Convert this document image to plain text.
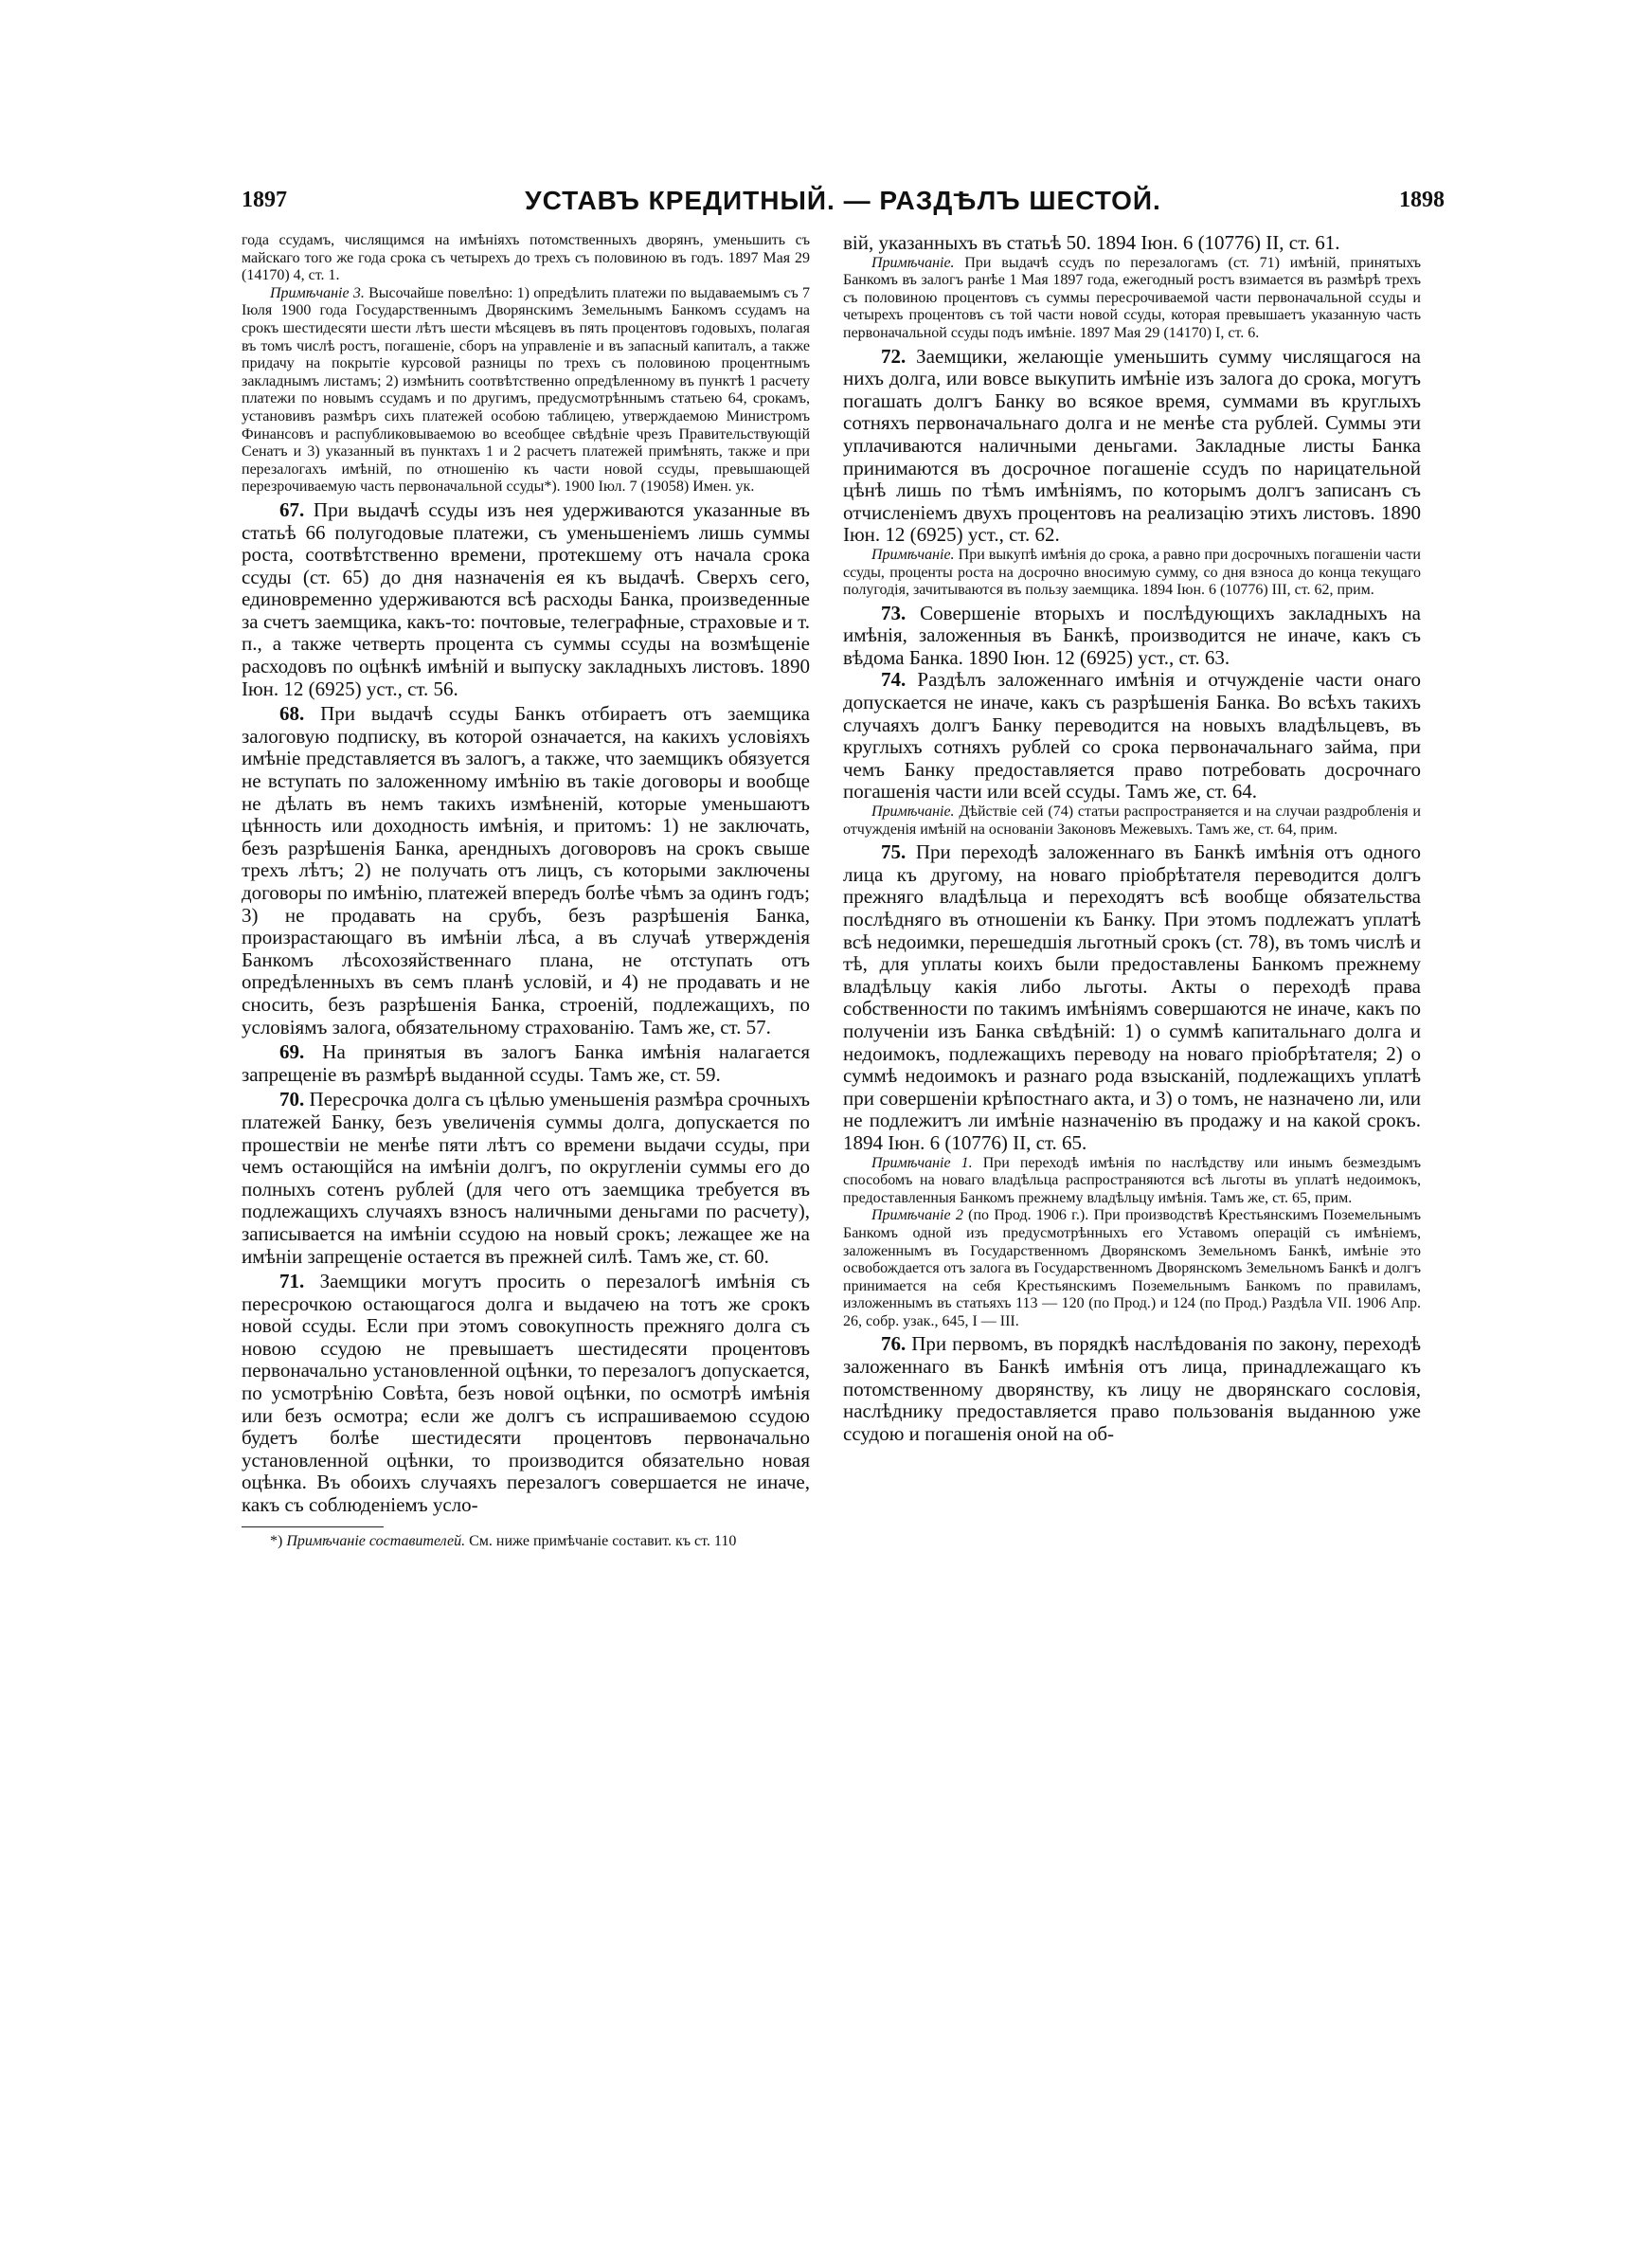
1897	УСТАВЪ КРЕДИТНЫЙ. — РАЗДѢЛЪ ШЕСТОЙ.	1898

года ссудамъ, числящимся на имѣніяхъ потомственныхъ дворянъ, уменьшить съ майскаго того же года срока съ четырехъ до трехъ съ половиною въ годъ. 1897 Мая 29 (14170) 4, ст. 1.

Примѣчаніе 3. Высочайше повелѣно: 1) опредѣлить платежи по выдаваемымъ съ 7 Іюля 1900 года Государственнымъ Дворянскимъ Земельнымъ Банкомъ ссудамъ на срокъ шестидесяти шести лѣтъ шести мѣсяцевъ въ пять процентовъ годовыхъ, полагая въ томъ числѣ ростъ, погашеніе, сборъ на управленіе и въ запасный капиталъ, а также придачу на покрытіе курсовой разницы по трехъ съ половиною процентнымъ закладнымъ листамъ; 2) измѣнить соотвѣтственно опредѣленному въ пунктѣ 1 расчету платежи по новымъ ссудамъ и по другимъ, предусмотрѣннымъ статьею 64, срокамъ, установивъ размѣръ сихъ платежей особою таблицею, утверждаемою Министромъ Финансовъ и распубликовываемою во всеобщее свѣдѣніе чрезъ Правительствующій Сенатъ и 3) указанный въ пунктахъ 1 и 2 расчетъ платежей примѣнять, также и при перезалогахъ имѣній, по отношенію къ части новой ссуды, превышающей перезрочиваемую часть первоначальной ссуды*). 1900 Іюл. 7 (19058) Имен. ук.

67. При выдачѣ ссуды изъ нея удерживаются указанные въ статьѣ 66 полугодовые платежи, съ уменьшеніемъ лишь суммы роста, соотвѣтственно времени, протекшему отъ начала срока ссуды (ст. 65) до дня назначенія ея къ выдачѣ. Сверхъ сего, единовременно удерживаются всѣ расходы Банка, произведенные за счетъ заемщика, какъ-то: почтовые, телеграфные, страховые и т. п., а также четверть процента съ суммы ссуды на возмѣщеніе расходовъ по оцѣнкѣ имѣній и выпуску закладныхъ листовъ. 1890 Іюн. 12 (6925) уст., ст. 56.

68. При выдачѣ ссуды Банкъ отбираетъ отъ заемщика залоговую подписку, въ которой означается, на какихъ условіяхъ имѣніе представляется въ залогъ, а также, что заемщикъ обязуется не вступать по заложенному имѣнію въ такіе договоры и вообще не дѣлать въ немъ такихъ измѣненій, которые уменьшаютъ цѣнность или доходность имѣнія, и притомъ: 1) не заключать, безъ разрѣшенія Банка, арендныхъ договоровъ на срокъ свыше трехъ лѣтъ; 2) не получать отъ лицъ, съ которыми заключены договоры по имѣнію, платежей впередъ болѣе чѣмъ за одинъ годъ; 3) не продавать на срубъ, безъ разрѣшенія Банка, произрастающаго въ имѣніи лѣса, а въ случаѣ утвержденія Банкомъ лѣсохозяйственнаго плана, не отступать отъ опредѣленныхъ въ семъ планѣ условій, и 4) не продавать и не сносить, безъ разрѣшенія Банка, строеній, подлежащихъ, по условіямъ залога, обязательному страхованію. Тамъ же, ст. 57.

69. На принятыя въ залогъ Банка имѣнія налагается запрещеніе въ размѣрѣ выданной ссуды. Тамъ же, ст. 59.

70. Пересрочка долга съ цѣлью уменьшенія размѣра срочныхъ платежей Банку, безъ увеличенія суммы долга, допускается по прошествіи не менѣе пяти лѣтъ со времени выдачи ссуды, при чемъ остающійся на имѣніи долгъ, по округленіи суммы его до полныхъ сотенъ рублей (для чего отъ заемщика требуется въ подлежащихъ случаяхъ взносъ наличными деньгами по расчету), записывается на имѣніи ссудою на новый срокъ; лежащее же на имѣніи запрещеніе остается въ прежней силѣ. Тамъ же, ст. 60.

71. Заемщики могутъ просить о перезалогѣ имѣнія съ пересрочкою остающагося долга и выдачею на тотъ же срокъ новой ссуды. Если при этомъ совокупность прежняго долга съ новою ссудою не превышаетъ шестидесяти процентовъ первоначально установленной оцѣнки, то перезалогъ допускается, по усмотрѣнію Совѣта, безъ новой оцѣнки, по осмотрѣ имѣнія или безъ осмотра; если же долгъ съ испрашиваемою ссудою будетъ болѣе шестидесяти процентовъ первоначально установленной оцѣнки, то производится обязательно новая оцѣнка. Въ обоихъ случаяхъ перезалогъ совершается не иначе, какъ съ соблюденіемъ усло-

*) Примѣчаніе составителей. См. ниже примѣчаніе составит. къ ст. 110

вій, указанныхъ въ статьѣ 50. 1894 Іюн. 6 (10776) II, ст. 61.

Примѣчаніе. При выдачѣ ссудъ по перезалогамъ (ст. 71) имѣній, принятыхъ Банкомъ въ залогъ ранѣе 1 Мая 1897 года, ежегодный ростъ взимается въ размѣрѣ трехъ съ половиною процентовъ съ суммы пересрочиваемой части первоначальной ссуды и четырехъ процентовъ съ той части новой ссуды, которая превышаетъ указанную часть первоначальной ссуды подъ имѣніе. 1897 Мая 29 (14170) I, ст. 6.

72. Заемщики, желающіе уменьшить сумму числящагося на нихъ долга, или вовсе выкупить имѣніе изъ залога до срока, могутъ погашать долгъ Банку во всякое время, суммами въ круглыхъ сотняхъ первоначальнаго долга и не менѣе ста рублей. Суммы эти уплачиваются наличными деньгами. Закладные листы Банка принимаются въ досрочное погашеніе ссудъ по нарицательной цѣнѣ лишь по тѣмъ имѣніямъ, по которымъ долгъ записанъ съ отчисленіемъ двухъ процентовъ на реализацію этихъ листовъ. 1890 Іюн. 12 (6925) уст., ст. 62.

Примѣчаніе. При выкупѣ имѣнія до срока, а равно при досрочныхъ погашеніи части ссуды, проценты роста на досрочно вносимую сумму, со дня взноса до конца текущаго полугодія, зачитываются въ пользу заемщика. 1894 Іюн. 6 (10776) III, ст. 62, прим.

73. Совершеніе вторыхъ и послѣдующихъ закладныхъ на имѣнія, заложенныя въ Банкѣ, производится не иначе, какъ съ вѣдома Банка. 1890 Іюн. 12 (6925) уст., ст. 63.

74. Раздѣлъ заложеннаго имѣнія и отчужденіе части онаго допускается не иначе, какъ съ разрѣшенія Банка. Во всѣхъ такихъ случаяхъ долгъ Банку переводится на новыхъ владѣльцевъ, въ круглыхъ сотняхъ рублей со срока первоначальнаго займа, при чемъ Банку предоставляется право потребовать досрочнаго погашенія части или всей ссуды. Тамъ же, ст. 64.

Примѣчаніе. Дѣйствіе сей (74) статьи распространяется и на случаи раздробленія и отчужденія имѣній на основаніи Законовъ Межевыхъ. Тамъ же, ст. 64, прим.

75. При переходѣ заложеннаго въ Банкѣ имѣнія отъ одного лица къ другому, на новаго пріобрѣтателя переводится долгъ прежняго владѣльца и переходятъ всѣ вообще обязательства послѣдняго въ отношеніи къ Банку. При этомъ подлежатъ уплатѣ всѣ недоимки, перешедшія льготный срокъ (ст. 78), въ томъ числѣ и тѣ, для уплаты коихъ были предоставлены Банкомъ прежнему владѣльцу какія либо льготы. Акты о переходѣ права собственности по такимъ имѣніямъ совершаются не иначе, какъ по полученіи изъ Банка свѣдѣній: 1) о суммѣ капитальнаго долга и недоимокъ, подлежащихъ переводу на новаго пріобрѣтателя; 2) о суммѣ недоимокъ и разнаго рода взысканій, подлежащихъ уплатѣ при совершеніи крѣпостнаго акта, и 3) о томъ, не назначено ли, или не подлежитъ ли имѣніе назначенію въ продажу и на какой срокъ. 1894 Іюн. 6 (10776) II, ст. 65.

Примѣчаніе 1. При переходѣ имѣнія по наслѣдству или инымъ безмездымъ способомъ на новаго владѣльца распространяются всѣ льготы въ уплатѣ недоимокъ, предоставленныя Банкомъ прежнему владѣльцу имѣнія. Тамъ же, ст. 65, прим.

Примѣчаніе 2 (по Прод. 1906 г.). При производствѣ Крестьянскимъ Поземельнымъ Банкомъ одной изъ предусмотрѣнныхъ его Уставомъ операцій съ имѣніемъ, заложеннымъ въ Государственномъ Дворянскомъ Земельномъ Банкѣ, имѣніе это освобождается отъ залога въ Государственномъ Дворянскомъ Земельномъ Банкѣ и долгъ принимается на себя Крестьянскимъ Поземельнымъ Банкомъ по правиламъ, изложеннымъ въ статьяхъ 113 — 120 (по Прод.) и 124 (по Прод.) Раздѣла VII. 1906 Апр. 26, собр. узак., 645, I — III.

76. При первомъ, въ порядкѣ наслѣдованія по закону, переходѣ заложеннаго въ Банкѣ имѣнія отъ лица, принадлежащаго къ потомственному дворянству, къ лицу не дворянскаго сословія, наслѣднику предоставляется право пользованія выданною уже ссудою и погашенія оной на об-
